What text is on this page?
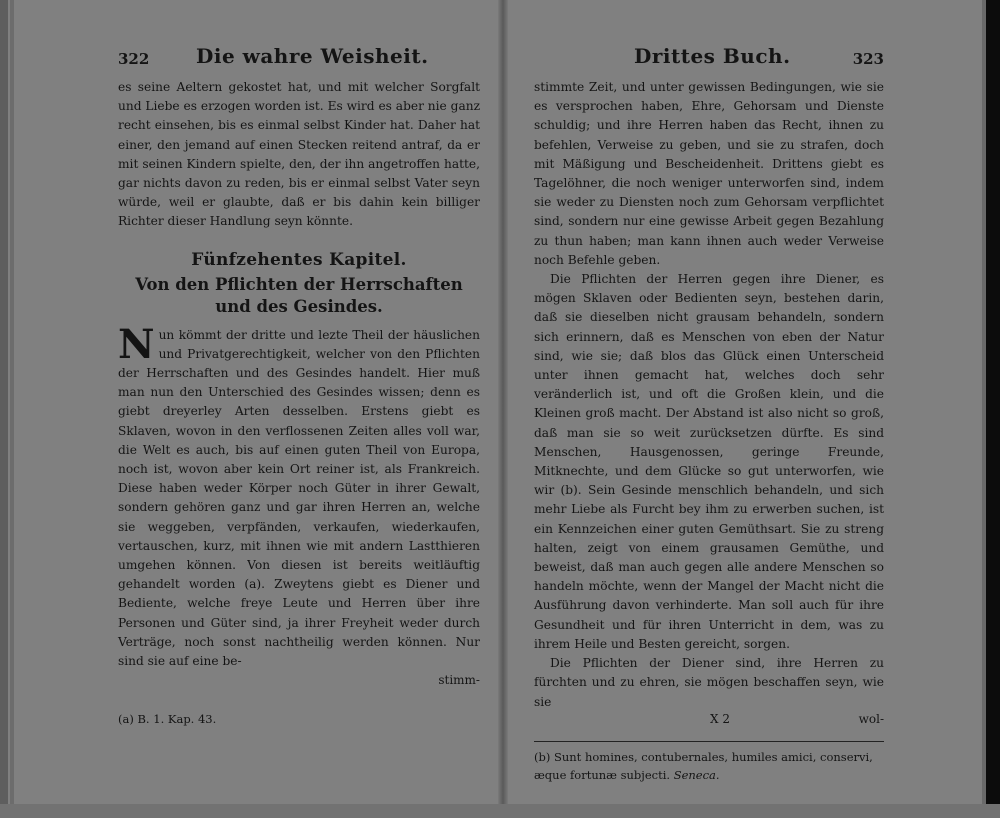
322 Die wahre Weisheit.

es seine Aeltern gekostet hat, und mit welcher Sorgfalt und Liebe es erzogen worden ist. Es wird es aber nie ganz recht einsehen, bis es einmal selbst Kinder hat. Daher hat einer, den jemand auf einen Stecken reitend antraf, da er mit seinen Kindern spielte, den, der ihn angetroffen hatte, gar nichts davon zu reden, bis er einmal selbst Vater seyn würde, weil er glaubte, daß er bis dahin kein billiger Richter dieser Handlung seyn könnte.

Fünfzehentes Kapitel.
Von den Pflichten der Herrschaften und des Gesindes.

Nun kömmt der dritte und lezte Theil der häuslichen und Privatgerechtigkeit, welcher von den Pflichten der Herrschaften und des Gesindes handelt. Hier muß man nun den Unterschied des Gesindes wissen; denn es giebt dreyerley Arten desselben. Erstens giebt es Sklaven, wovon in den verflossenen Zeiten alles voll war, die Welt es auch, bis auf einen guten Theil von Europa, noch ist, wovon aber kein Ort reiner ist, als Frankreich. Diese haben weder Körper noch Güter in ihrer Gewalt, sondern gehören ganz und gar ihren Herren an, welche sie weggeben, verpfänden, verkaufen, wiederkaufen, vertauschen, kurz, mit ihnen wie mit andern Lastthieren umgehen können. Von diesen ist bereits weitläuftig gehandelt worden (a). Zweytens giebt es Diener und Bediente, welche freye Leute und Herren über ihre Personen und Güter sind, ja ihrer Freyheit weder durch Verträge, noch sonst nachtheilig werden können. Nur sind sie auf eine be-

stimm-
(a) B. 1. Kap. 43.
Drittes Buch.	323

stimmte Zeit, und unter gewissen Bedingungen, wie sie es versprochen haben, Ehre, Gehorsam und Dienste schuldig; und ihre Herren haben das Recht, ihnen zu befehlen, Verweise zu geben, und sie zu strafen, doch mit Mäßigung und Bescheidenheit. Drittens giebt es Tagelöhner, die noch weniger unterworfen sind, indem sie weder zu Diensten noch zum Gehorsam verpflichtet sind, sondern nur eine gewisse Arbeit gegen Bezahlung zu thun haben; man kann ihnen auch weder Verweise noch Befehle geben.

Die Pflichten der Herren gegen ihre Diener, es mögen Sklaven oder Bedienten seyn, bestehen darin, daß sie dieselben nicht grausam behandeln, sondern sich erinnern, daß es Menschen von eben der Natur sind, wie sie; daß blos das Glück einen Unterscheid unter ihnen gemacht hat, welches doch sehr veränderlich ist, und oft die Großen klein, und die Kleinen groß macht. Der Abstand ist also nicht so groß, daß man sie so weit zurücksetzen dürfte. Es sind Menschen, Hausgenossen, geringe Freunde, Mitknechte, und dem Glücke so gut unterworfen, wie wir (b). Sein Gesinde menschlich behandeln, und sich mehr Liebe als Furcht bey ihm zu erwerben suchen, ist ein Kennzeichen einer guten Gemüthsart. Sie zu streng halten, zeigt von einem grausamen Gemüthe, und beweist, daß man auch gegen alle andere Menschen so handeln möchte, wenn der Mangel der Macht nicht die Ausführung davon verhinderte. Man soll auch für ihre Gesundheit und für ihren Unterricht in dem, was zu ihrem Heile und Besten gereicht, sorgen.

Die Pflichten der Diener sind, ihre Herren zu fürchten und zu ehren, sie mögen beschaffen seyn, wie sie

X 2	wol-
(b) Sunt homines, contubernales, humiles amici, conservi, æque fortunæ subjecti. Seneca.
